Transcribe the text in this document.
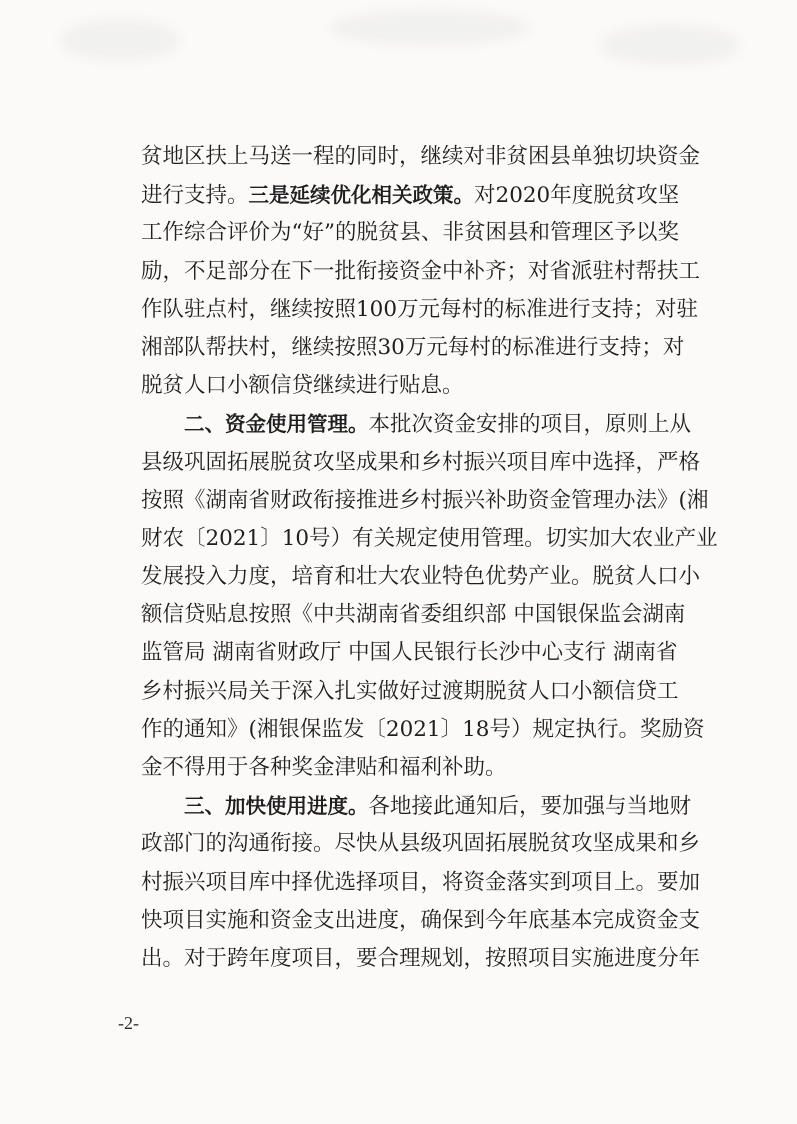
贫地区扶上马送一程的同时，继续对非贫困县单独切块资金
进行支持。三是延续优化相关政策。对2020年度脱贫攻坚
工作综合评价为“好”的脱贫县、非贫困县和管理区予以奖
励，不足部分在下一批衔接资金中补齐；对省派驻村帮扶工
作队驻点村，继续按照100万元每村的标准进行支持；对驻
湘部队帮扶村，继续按照30万元每村的标准进行支持；对
脱贫人口小额信贷继续进行贴息。
二、资金使用管理。本批次资金安排的项目，原则上从
县级巩固拓展脱贫攻坚成果和乡村振兴项目库中选择，严格
按照《湖南省财政衔接推进乡村振兴补助资金管理办法》(湘
财农〔2021〕10号）有关规定使用管理。切实加大农业产业
发展投入力度，培育和壮大农业特色优势产业。脱贫人口小
额信贷贴息按照《中共湖南省委组织部 中国银保监会湖南
监管局 湖南省财政厅 中国人民银行长沙中心支行 湖南省
乡村振兴局关于深入扎实做好过渡期脱贫人口小额信贷工
作的通知》(湘银保监发〔2021〕18号）规定执行。奖励资
金不得用于各种奖金津贴和福利补助。
三、加快使用进度。各地接此通知后，要加强与当地财
政部门的沟通衔接。尽快从县级巩固拓展脱贫攻坚成果和乡
村振兴项目库中择优选择项目，将资金落实到项目上。要加
快项目实施和资金支出进度，确保到今年底基本完成资金支
出。对于跨年度项目，要合理规划，按照项目实施进度分年
-2-
